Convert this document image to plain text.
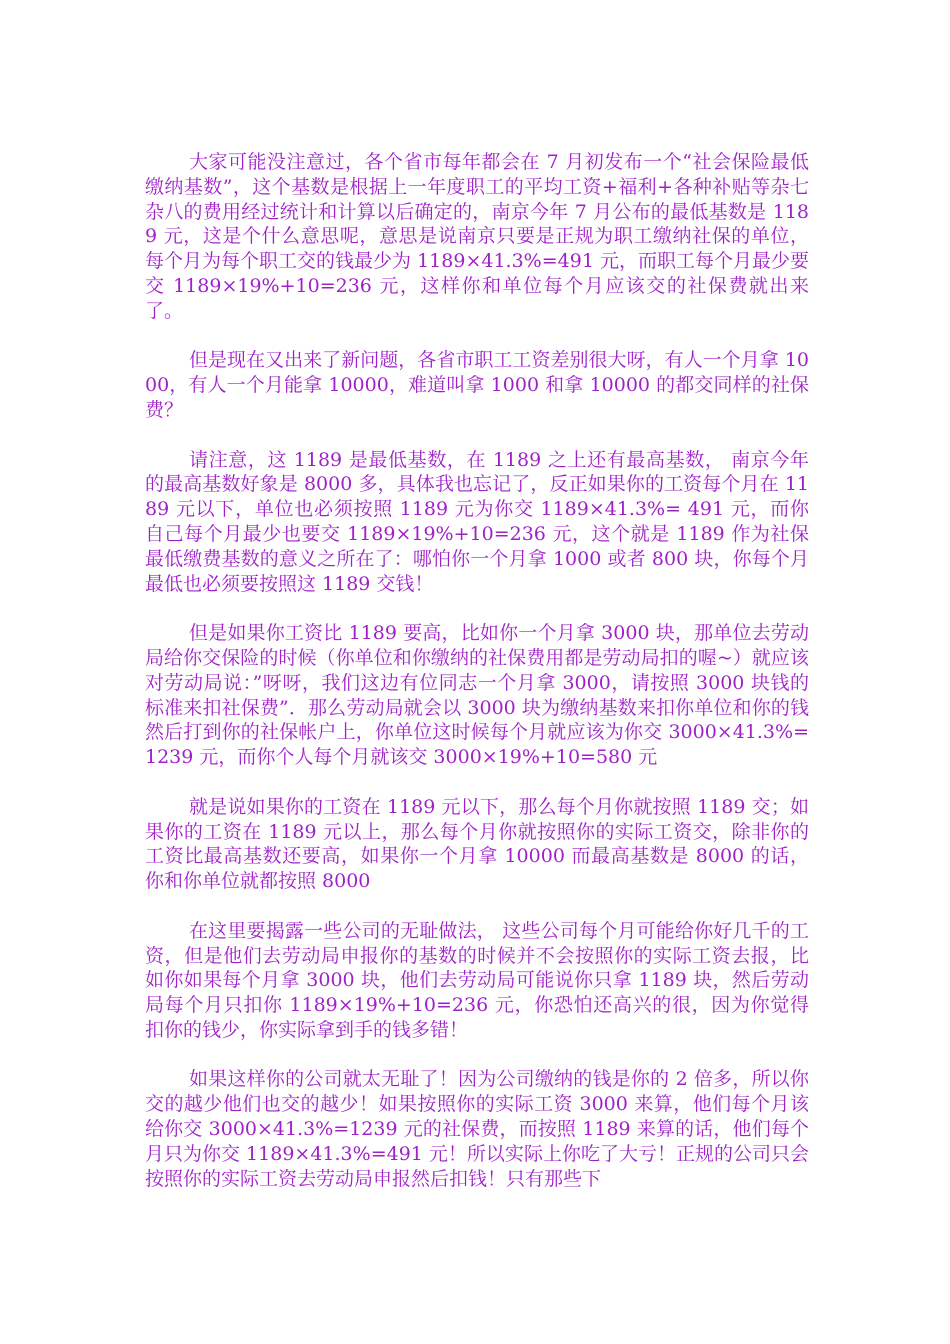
大家可能没注意过，各个省市每年都会在 7 月初发布一个“社会保险最低缴纳基数”，这个基数是根据上一年度职工的平均工资+福利+各种补贴等杂七杂八的费用经过统计和计算以后确定的，南京今年 7 月公布的最低基数是 1189 元，这是个什么意思呢，意思是说南京只要是正规为职工缴纳社保的单位，每个月为每个职工交的钱最少为 1189×41.3%=491 元，而职工每个月最少要交 1189×19%+10=236 元，这样你和单位每个月应该交的社保费就出来了。

但是现在又出来了新问题，各省市职工工资差别很大呀，有人一个月拿 1000，有人一个月能拿 10000，难道叫拿 1000 和拿 10000 的都交同样的社保费？

请注意，这 1189 是最低基数，在 1189 之上还有最高基数， 南京今年的最高基数好象是 8000 多，具体我也忘记了，反正如果你的工资每个月在 1189 元以下，单位也必须按照 1189 元为你交 1189×41.3%= 491 元，而你自己每个月最少也要交 1189×19%+10=236 元，这个就是 1189 作为社保最低缴费基数的意义之所在了：哪怕你一个月拿 1000 或者 800 块，你每个月最低也必须要按照这 1189 交钱！

但是如果你工资比 1189 要高，比如你一个月拿 3000 块，那单位去劳动局给你交保险的时候（你单位和你缴纳的社保费用都是劳动局扣的喔~）就应该对劳动局说：”呀呀，我们这边有位同志一个月拿 3000，请按照 3000 块钱的标准来扣社保费”．那么劳动局就会以 3000 块为缴纳基数来扣你单位和你的钱然后打到你的社保帐户上，你单位这时候每个月就应该为你交 3000×41.3%= 1239 元，而你个人每个月就该交 3000×19%+10=580 元

就是说如果你的工资在 1189 元以下，那么每个月你就按照 1189 交；如果你的工资在 1189 元以上，那么每个月你就按照你的实际工资交，除非你的工资比最高基数还要高，如果你一个月拿 10000 而最高基数是 8000 的话，你和你单位就都按照 8000

在这里要揭露一些公司的无耻做法， 这些公司每个月可能给你好几千的工资，但是他们去劳动局申报你的基数的时候并不会按照你的实际工资去报，比如你如果每个月拿 3000 块，他们去劳动局可能说你只拿 1189 块，然后劳动局每个月只扣你 1189×19%+10=236 元，你恐怕还高兴的很，因为你觉得扣你的钱少，你实际拿到手的钱多错！

如果这样你的公司就太无耻了！因为公司缴纳的钱是你的 2 倍多，所以你交的越少他们也交的越少！如果按照你的实际工资 3000 来算，他们每个月该给你交 3000×41.3%=1239 元的社保费，而按照 1189 来算的话，他们每个月只为你交 1189×41.3%=491 元！所以实际上你吃了大亏！正规的公司只会按照你的实际工资去劳动局申报然后扣钱！只有那些下
